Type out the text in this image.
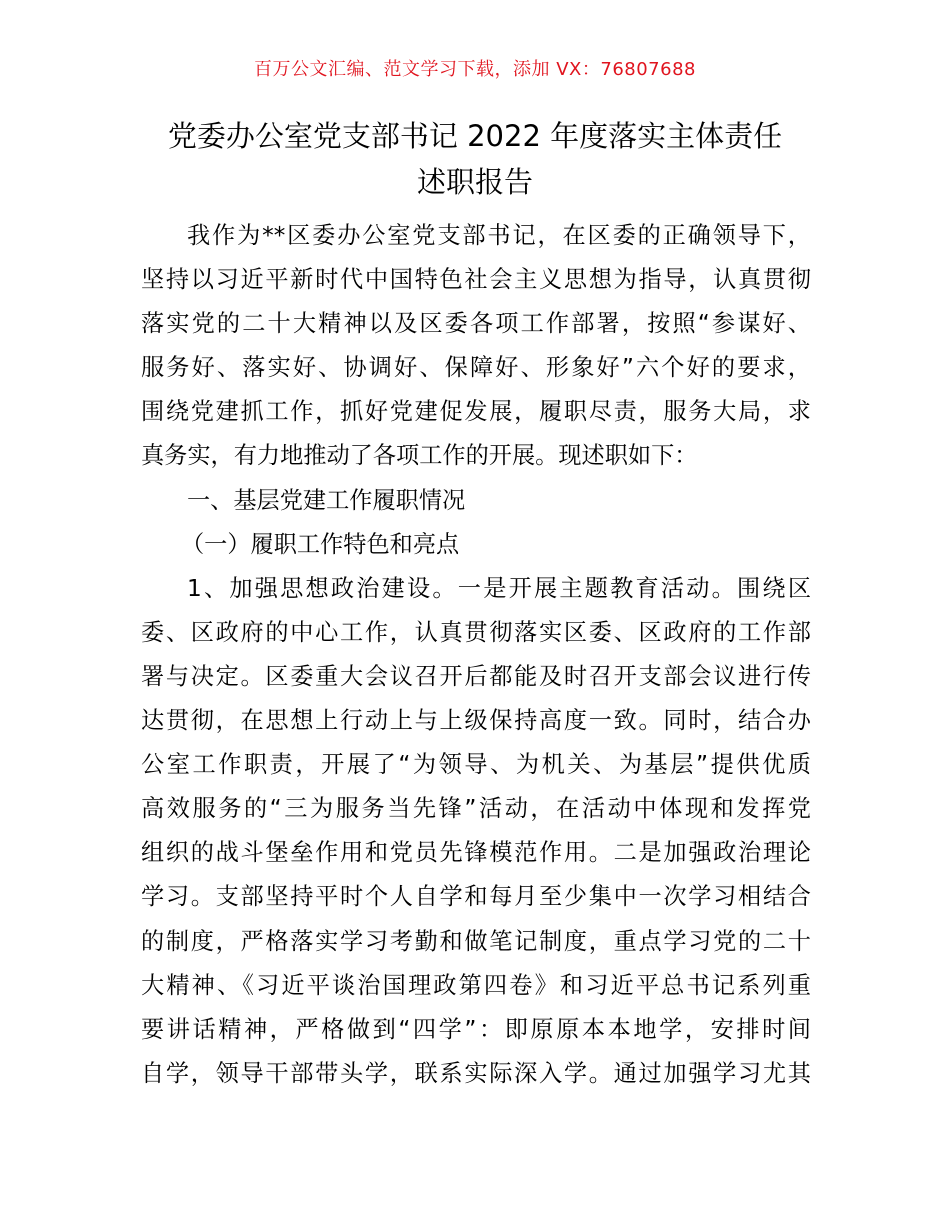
百万公文汇编、范文学习下载，添加 VX：76807688
党委办公室党支部书记 2022 年度落实主体责任
述职报告
我作为**区委办公室党支部书记，在区委的正确领导下，
坚持以习近平新时代中国特色社会主义思想为指导，认真贯彻
落实党的二十大精神以及区委各项工作部署，按照“参谋好、
服务好、落实好、协调好、保障好、形象好”六个好的要求，
围绕党建抓工作，抓好党建促发展，履职尽责，服务大局，求
真务实，有力地推动了各项工作的开展。现述职如下：
一、基层党建工作履职情况
（一）履职工作特色和亮点
1、加强思想政治建设。一是开展主题教育活动。围绕区
委、区政府的中心工作，认真贯彻落实区委、区政府的工作部
署与决定。区委重大会议召开后都能及时召开支部会议进行传
达贯彻，在思想上行动上与上级保持高度一致。同时，结合办
公室工作职责，开展了“为领导、为机关、为基层”提供优质
高效服务的“三为服务当先锋”活动，在活动中体现和发挥党
组织的战斗堡垒作用和党员先锋模范作用。二是加强政治理论
学习。支部坚持平时个人自学和每月至少集中一次学习相结合
的制度，严格落实学习考勤和做笔记制度，重点学习党的二十
大精神、《习近平谈治国理政第四卷》和习近平总书记系列重
要讲话精神，严格做到“四学”：即原原本本地学，安排时间
自学，领导干部带头学，联系实际深入学。通过加强学习尤其
